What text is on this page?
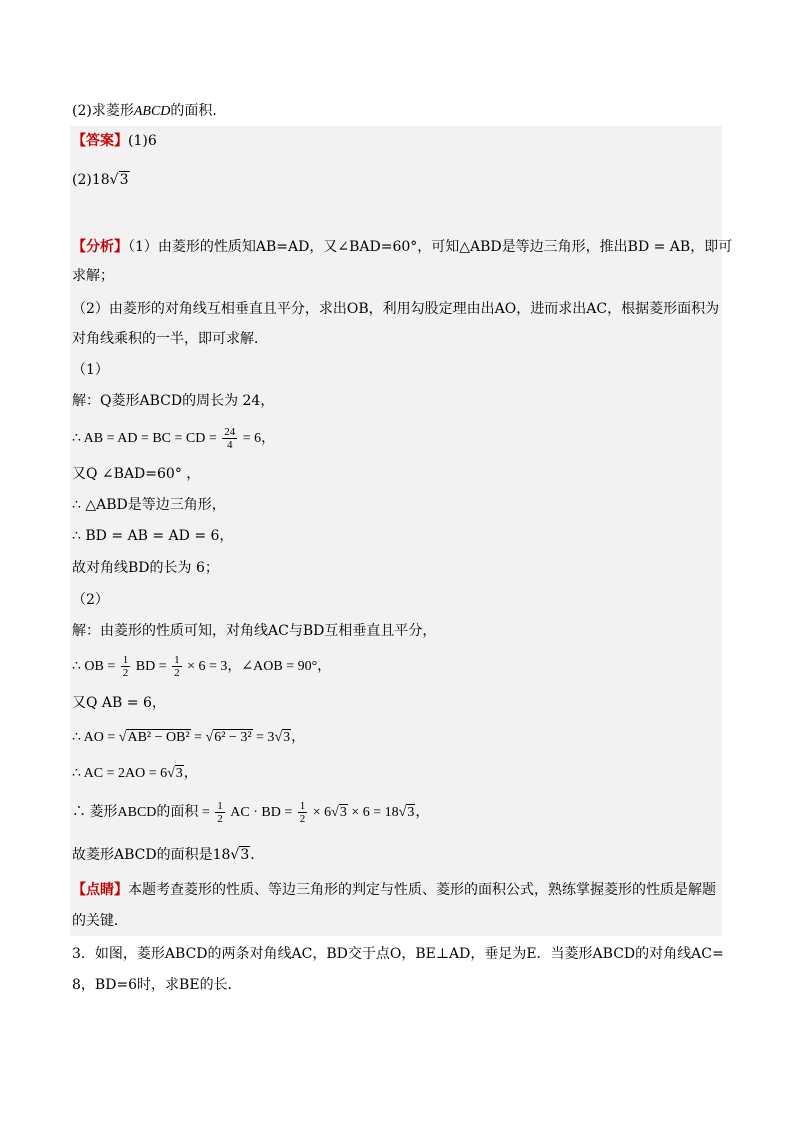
(2)求菱形ABCD的面积．
【答案】(1)6
(2)18√3
【分析】（1）由菱形的性质知AB=AD，又∠BAD=60°，可知△ABD是等边三角形，推出BD = AB，即可
求解；
（2）由菱形的对角线互相垂直且平分，求出OB，利用勾股定理由出AO，进而求出AC，根据菱形面积为
对角线乘积的一半，即可求解．
（1）
解：Q菱形ABCD的周长为 24，
∴ AB = AD = BC = CD = $\frac{24}{4} = 6$，
又Q ∠BAD=60° ，
∴ △ABD是等边三角形，
∴ BD = AB = AD = 6，
故对角线BD的长为 6；
（2）
解：由菱形的性质可知，对角线AC与BD互相垂直且平分，
∴ OB = $\frac{1}{2}$ BD = $\frac{1}{2} \times 6 = 3$，∠AOB = 90°，
又Q AB = 6，
∴ AO = √AB² − OB² = √6² − 3² = 3√3，
∴ AC = 2AO = 6√3，
∴ 菱形ABCD的面积 = $\frac{1}{2}$ AC · BD = $\frac{1}{2} \times 6√3 \times 6 = 18√3$，
故菱形ABCD的面积是18√3．
【点睛】本题考查菱形的性质、等边三角形的判定与性质、菱形的面积公式，熟练掌握菱形的性质是解题
的关键．
3．如图，菱形ABCD的两条对角线AC，BD交于点O，BE⊥AD，垂足为E．当菱形ABCD的对角线AC=
8，BD=6时，求BE的长．
